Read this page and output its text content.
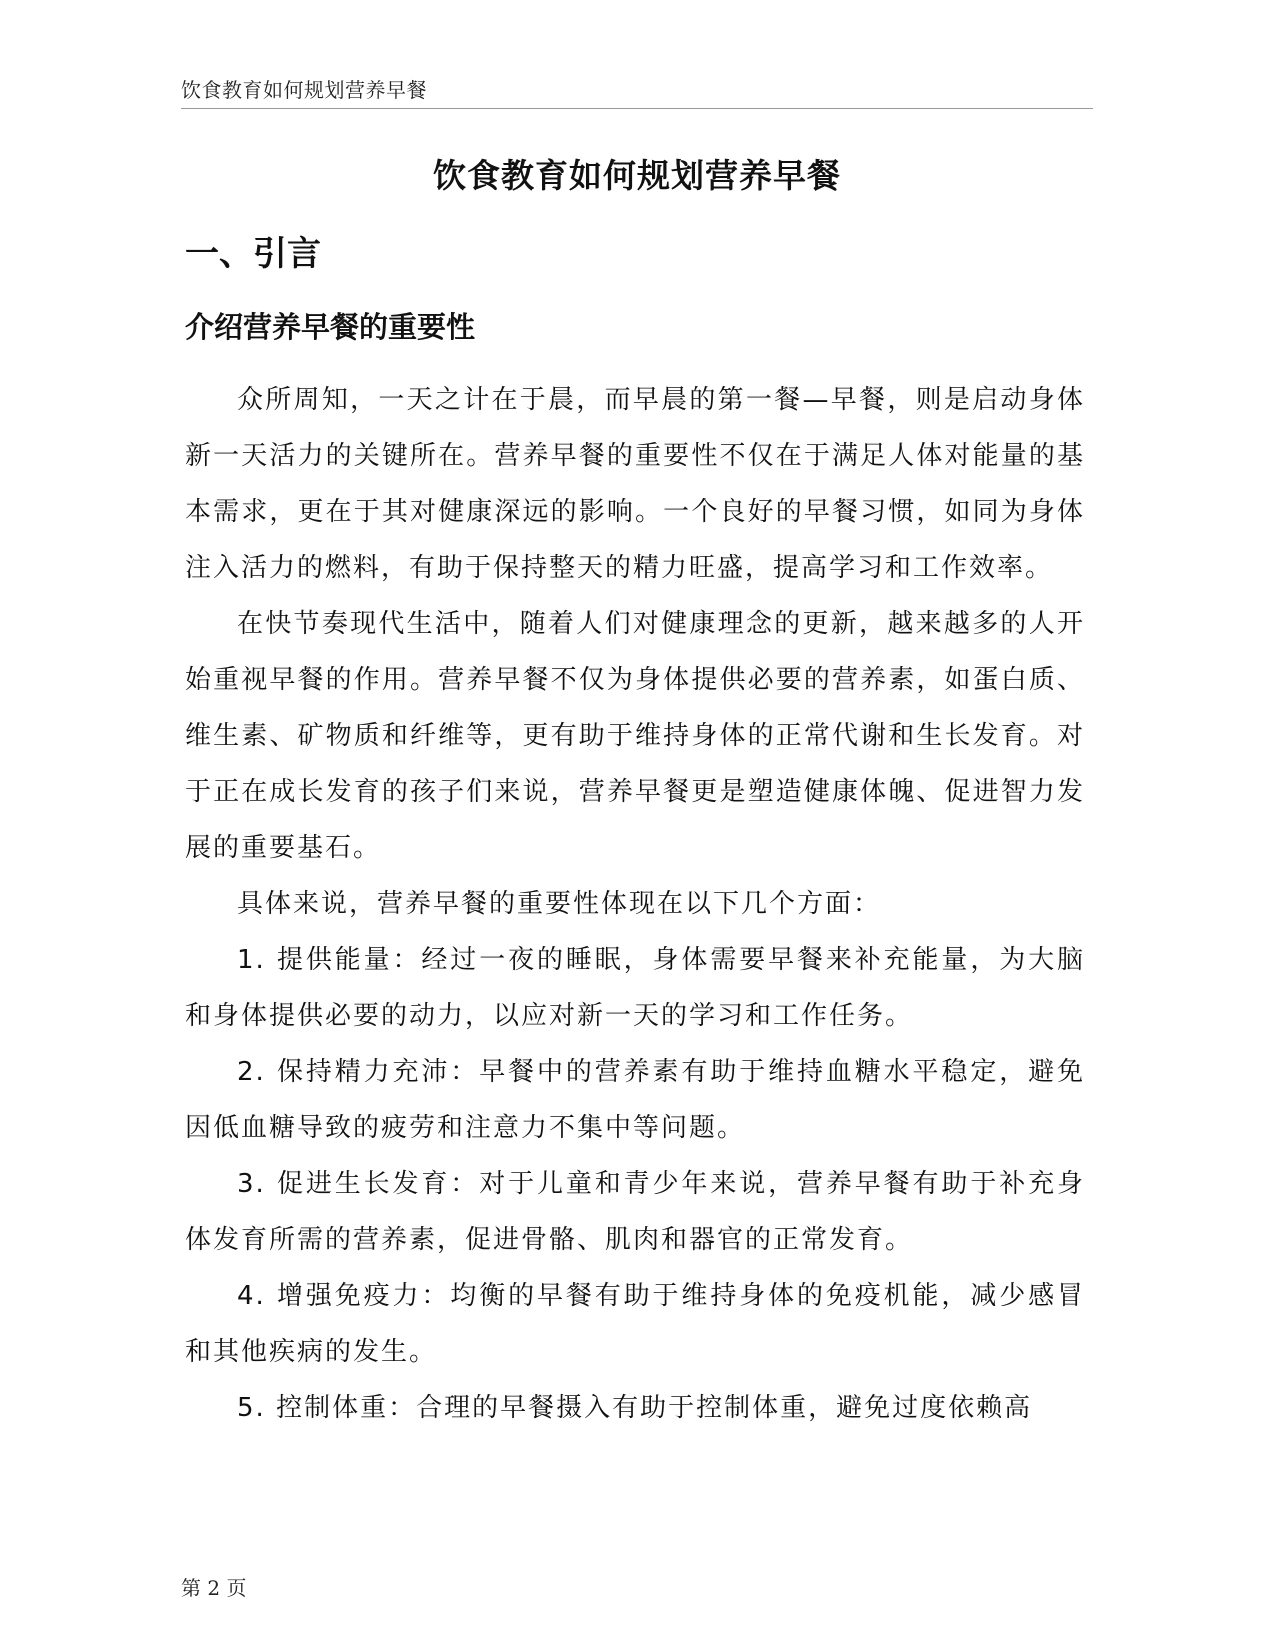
饮食教育如何规划营养早餐
饮食教育如何规划营养早餐
一、引言
介绍营养早餐的重要性

众所周知，一天之计在于晨，而早晨的第一餐—早餐，则是启动身体新一天活力的关键所在。营养早餐的重要性不仅在于满足人体对能量的基本需求，更在于其对健康深远的影响。一个良好的早餐习惯，如同为身体注入活力的燃料，有助于保持整天的精力旺盛，提高学习和工作效率。

在快节奏现代生活中，随着人们对健康理念的更新，越来越多的人开始重视早餐的作用。营养早餐不仅为身体提供必要的营养素，如蛋白质、维生素、矿物质和纤维等，更有助于维持身体的正常代谢和生长发育。对于正在成长发育的孩子们来说，营养早餐更是塑造健康体魄、促进智力发展的重要基石。

具体来说，营养早餐的重要性体现在以下几个方面：

1. 提供能量：经过一夜的睡眠，身体需要早餐来补充能量，为大脑和身体提供必要的动力，以应对新一天的学习和工作任务。

2. 保持精力充沛：早餐中的营养素有助于维持血糖水平稳定，避免因低血糖导致的疲劳和注意力不集中等问题。

3. 促进生长发育：对于儿童和青少年来说，营养早餐有助于补充身体发育所需的营养素，促进骨骼、肌肉和器官的正常发育。

4. 增强免疫力：均衡的早餐有助于维持身体的免疫机能，减少感冒和其他疾病的发生。

5. 控制体重：合理的早餐摄入有助于控制体重，避免过度依赖高

第 2 页
